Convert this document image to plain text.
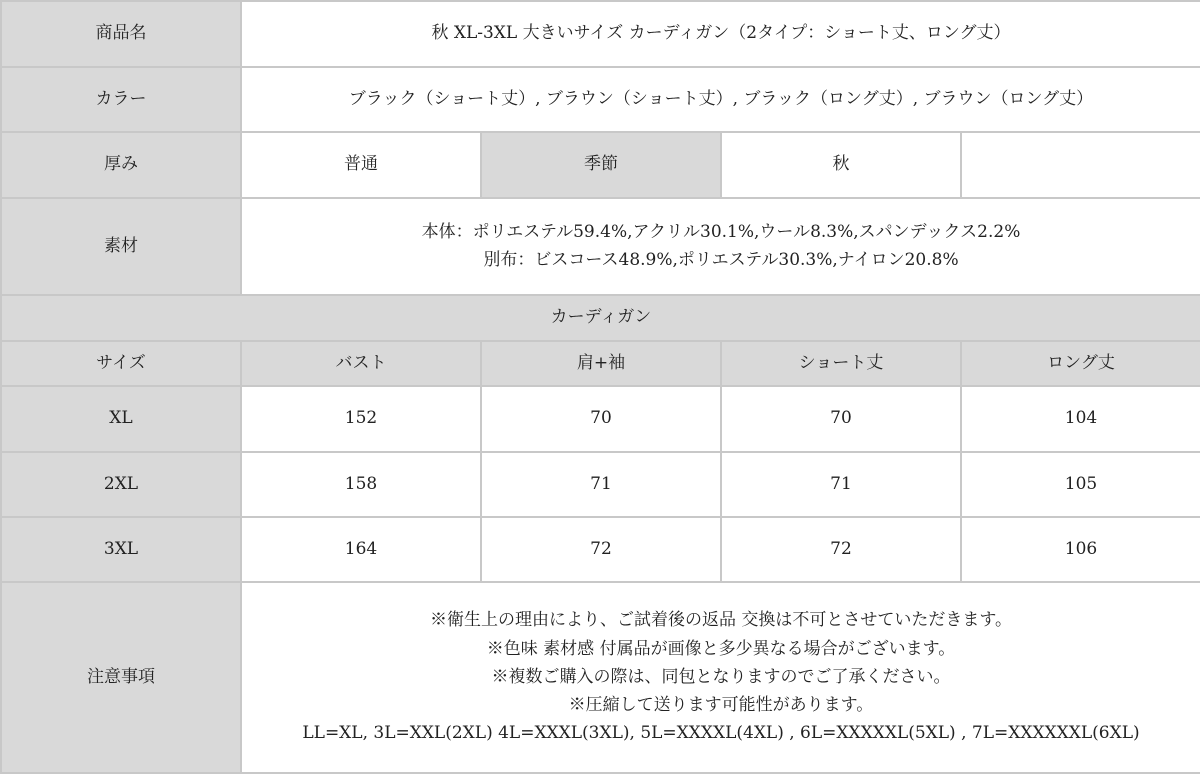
商品名	秋 XL-3XL 大きいサイズ カーディガン（2タイプ：ショート丈、ロング丈）			
カラー	ブラック（ショート丈）, ブラウン（ショート丈）, ブラック（ロング丈）, ブラウン（ロング丈）			
厚み	普通	季節	秋	
素材	本体：ポリエステル59.4%,アクリル30.1%,ウール8.3%,スパンデックス2.2%
別布：ビスコース48.9%,ポリエステル30.3%,ナイロン20.8%			

カーディガン				
サイズ	バスト	肩+袖	ショート丈	ロング丈
XL	152	70	70	104
2XL	158	71	71	105
3XL	164	72	72	106
注意事項	※衛生上の理由により、ご試着後の返品 交換は不可とさせていただきます。
※色味 素材感 付属品が画像と多少異なる場合がございます。
※複数ご購入の際は、同包となりますのでご了承ください。
※圧縮して送ります可能性があります。
LL=XL, 3L=XXL(2XL) 4L=XXXL(3XL), 5L=XXXXL(4XL) , 6L=XXXXXL(5XL) , 7L=XXXXXXL(6XL)			
